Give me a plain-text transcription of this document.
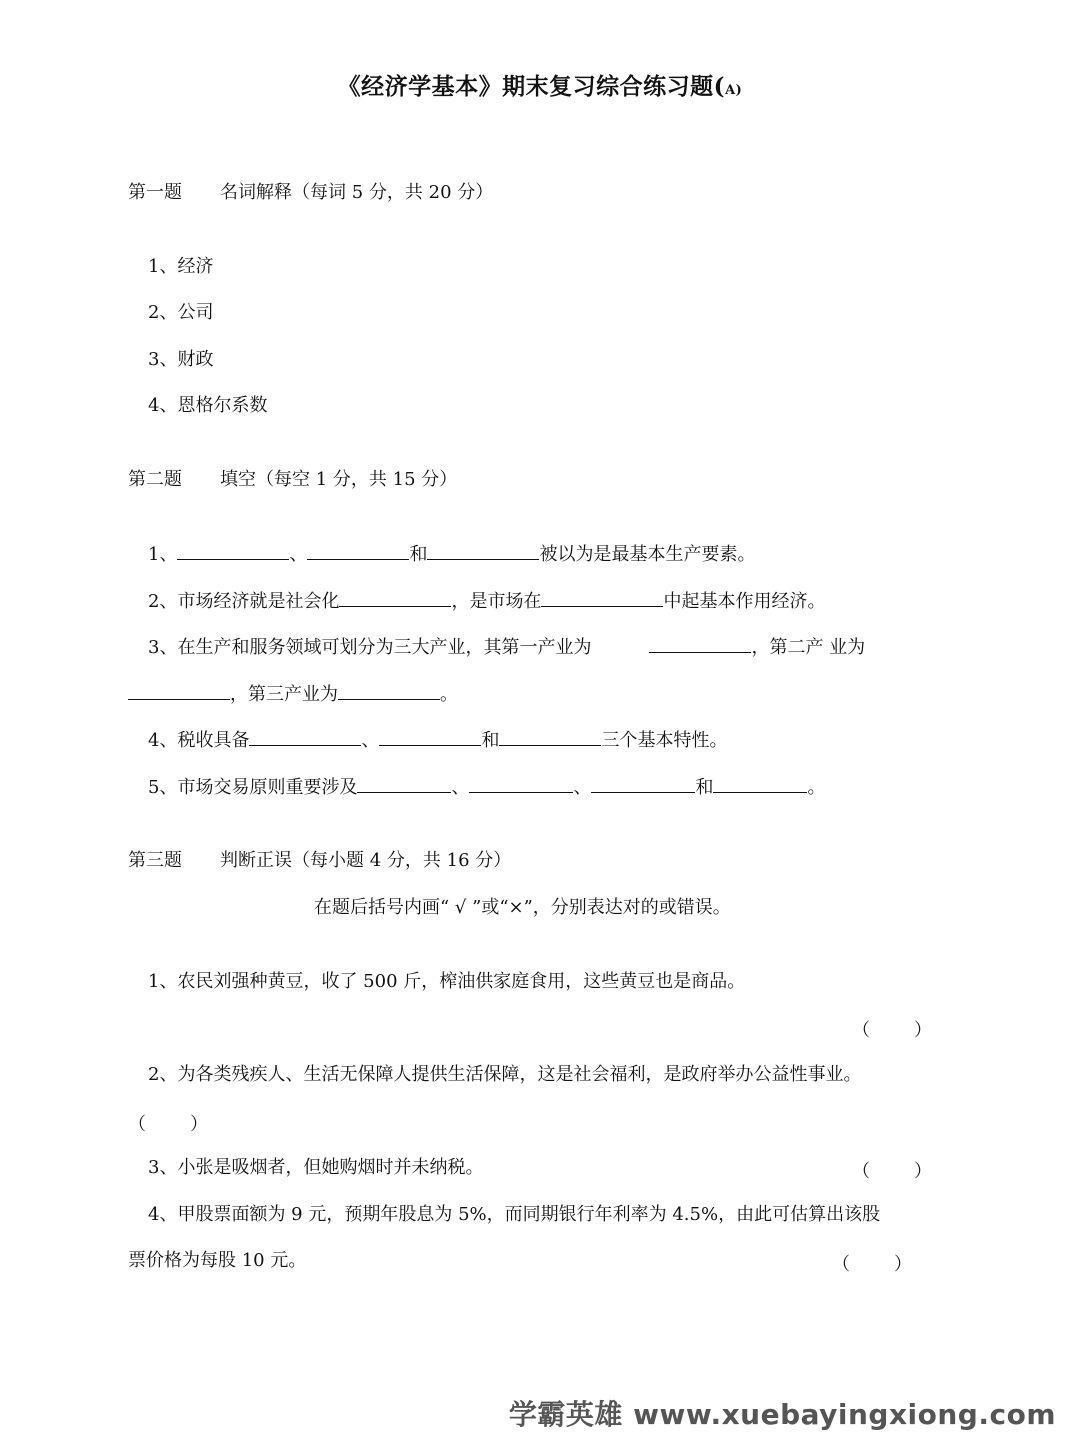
《经济学基本》期末复习综合练习题(A)
第一题 名词解释（每词 5 分，共 20 分）
1、经济
2、公司
3、财政
4、恩格尔系数
第二题 填空（每空 1 分，共 15 分）
1、	、	和	被以为是最基本生产要素。
2、市场经济就是社会化	，是市场在	中起基本作用经济。
3、在生产和服务领域可划分为三大产业，其第一产业为	，第二产 业为
，第三产业为	。
4、税收具备	、	和	三个基本特性。
5、市场交易原则重要涉及	、	、	和	。
第三题 判断正误（每小题 4 分，共 16 分）
在题后括号内画“ √ ”或“×”，分别表达对的或错误。
1、农民刘强种黄豆，收了 500 斤，榨油供家庭食用，这些黄豆也是商品。
（ ）
2、为各类残疾人、生活无保障人提供生活保障，这是社会福利，是政府举办公益性事业。
（ ）
3、小张是吸烟者，但她购烟时并未纳税。	（ ）
4、甲股票面额为 9 元，预期年股息为 5%，而同期银行年利率为 4.5%，由此可估算出该股
票价格为每股 10 元。	（ ）
学霸英雄 www.xuebayingxiong.com
